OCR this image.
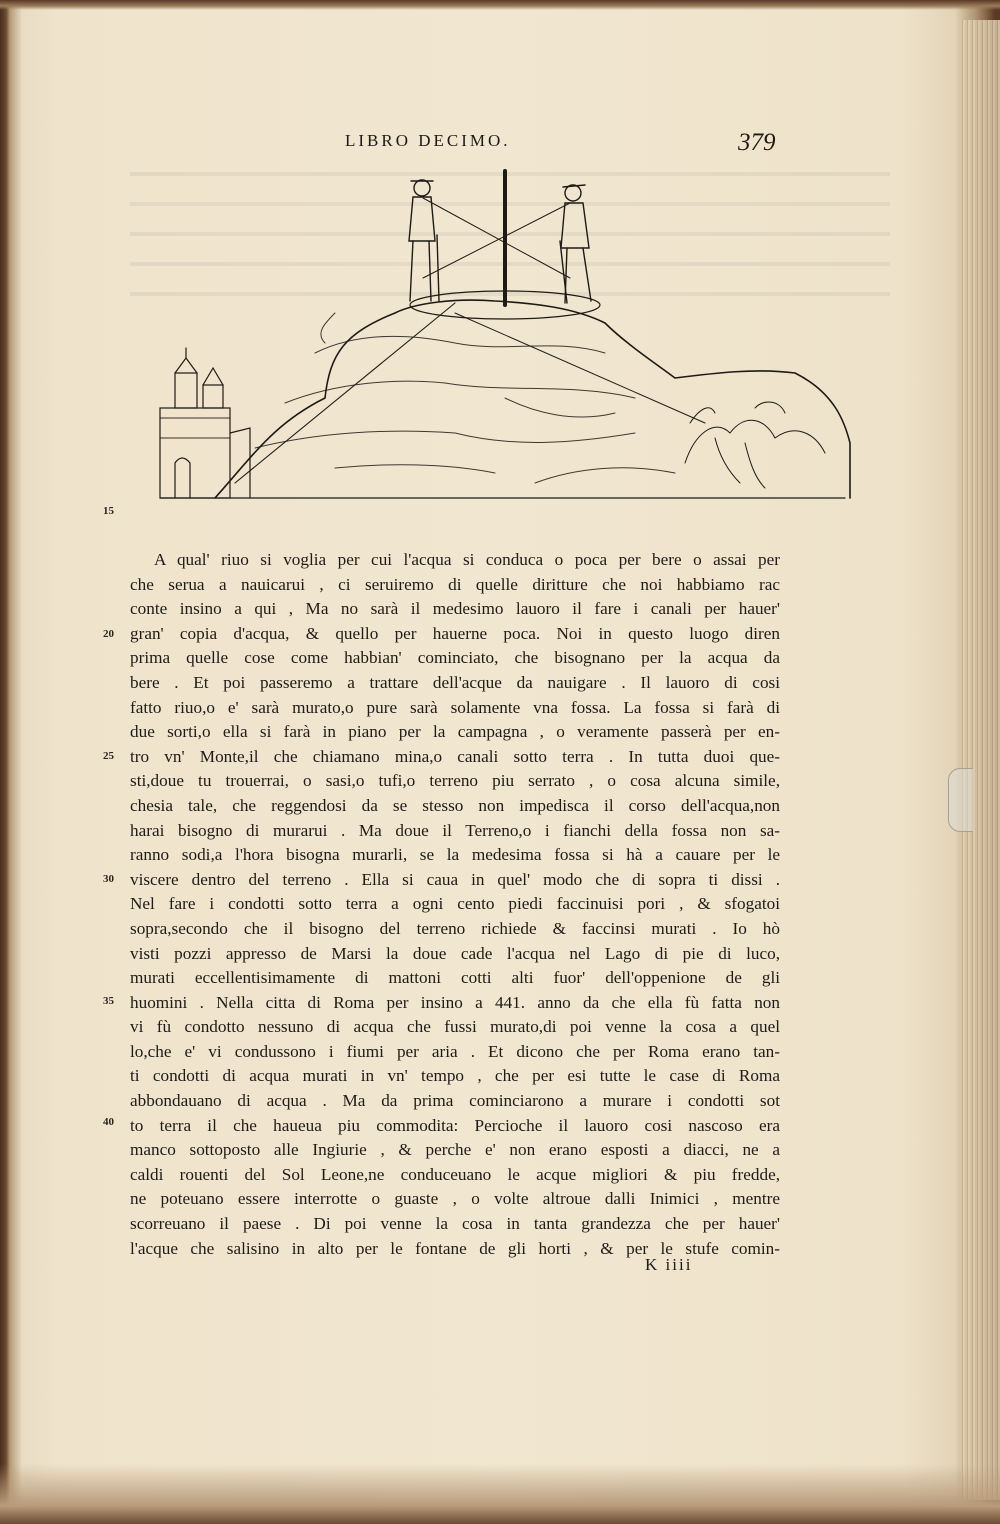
LIBRO DECIMO.	379
15
20
25
30
35
40
A qual' riuo si voglia per cui l'acqua si conduca o poca per bere o assai per
che serua a nauicarui , ci seruiremo di quelle diritture che noi habbiamo rac
conte insino a qui , Ma no sarà il medesimo lauoro il fare i canali per hauer'
gran' copia d'acqua, & quello per hauerne poca. Noi in questo luogo diren
prima quelle cose come habbian' cominciato, che bisognano per la acqua da
bere . Et poi passeremo a trattare dell'acque da nauigare . Il lauoro di cosi
fatto riuo,o e' sarà murato,o pure sarà solamente vna fossa. La fossa si farà di
due sorti,o ella si farà in piano per la campagna , o veramente passerà per en-
tro vn' Monte,il che chiamano mina,o canali sotto terra . In tutta duoi que-
sti,doue tu trouerrai, o sasi,o tufi,o terreno piu serrato , o cosa alcuna simile,
chesia tale, che reggendosi da se stesso non impedisca il corso dell'acqua,non
harai bisogno di murarui . Ma doue il Terreno,o i fianchi della fossa non sa-
ranno sodi,a l'hora bisogna murarli, se la medesima fossa si hà a cauare per le
viscere dentro del terreno . Ella si caua in quel' modo che di sopra ti dissi .
Nel fare i condotti sotto terra a ogni cento piedi faccinuisi pori , & sfogatoi
sopra,secondo che il bisogno del terreno richiede & faccinsi murati . Io hò
visti pozzi appresso de Marsi la doue cade l'acqua nel Lago di pie di luco,
murati eccellentisimamente di mattoni cotti alti fuor' dell'oppenione de gli
huomini . Nella citta di Roma per insino a 441. anno da che ella fù fatta non
vi fù condotto nessuno di acqua che fussi murato,di poi venne la cosa a quel
lo,che e' vi condussono i fiumi per aria . Et dicono che per Roma erano tan-
ti condotti di acqua murati in vn' tempo , che per esi tutte le case di Roma
abbondauano di acqua . Ma da prima cominciarono a murare i condotti sot
to terra il che haueua piu commodita: Percioche il lauoro cosi nascoso era
manco sottoposto alle Ingiurie , & perche e' non erano esposti a diacci, ne a
caldi rouenti del Sol Leone,ne conduceuano le acque migliori & piu fredde,
ne poteuano essere interrotte o guaste , o volte altroue dalli Inimici , mentre
scorreuano il paese . Di poi venne la cosa in tanta grandezza che per hauer'
l'acque che salisino in alto per le fontane de gli horti , & per le stufe comin-
K iiii
